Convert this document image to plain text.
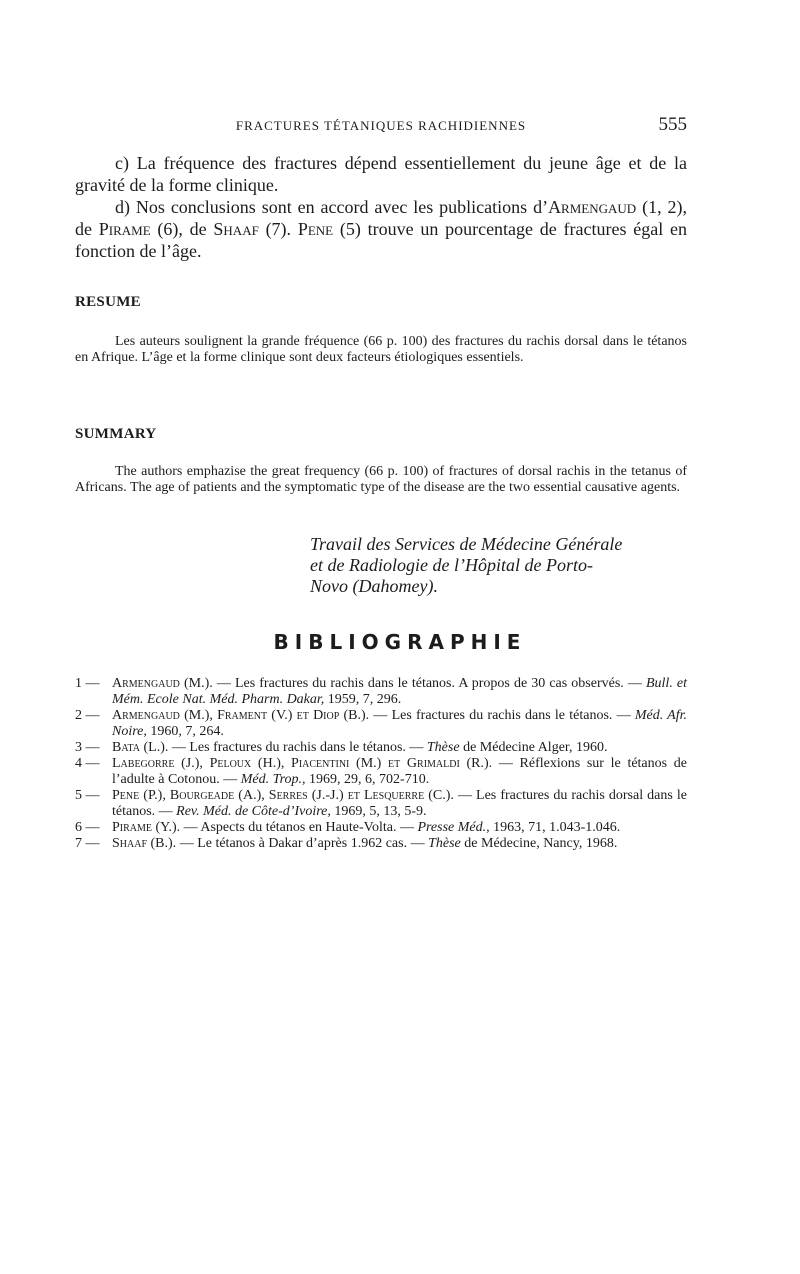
FRACTURES TÉTANIQUES RACHIDIENNES	555

c) La fréquence des fractures dépend essentiellement du jeune âge et de la gravité de la forme clinique.

d) Nos conclusions sont en accord avec les publications d’Armengaud (1, 2), de Pirame (6), de Shaaf (7). Pene (5) trouve un pourcentage de fractures égal en fonction de l’âge.

RESUME

Les auteurs soulignent la grande fréquence (66 p. 100) des fractures du rachis dorsal dans le tétanos en Afrique. L’âge et la forme clinique sont deux facteurs étiologiques essentiels.

SUMMARY

The authors emphazise the great frequency (66 p. 100) of fractures of dorsal rachis in the tetanus of Africans. The age of patients and the symptomatic type of the disease are the two essential causative agents.

Travail des Services de Médecine Générale
et de Radiologie de l’Hôpital de Porto-
Novo (Dahomey).

BIBLIOGRAPHIE
1 — Armengaud (M.). — Les fractures du rachis dans le tétanos. A propos de 30 cas observés. — Bull. et Mém. Ecole Nat. Méd. Pharm. Dakar, 1959, 7, 296.
2 — Armengaud (M.), Frament (V.) et Diop (B.). — Les fractures du rachis dans le tétanos. — Méd. Afr. Noire, 1960, 7, 264.
3 — Bata (L.). — Les fractures du rachis dans le tétanos. — Thèse de Médecine Alger, 1960.
4 — Labegorre (J.), Peloux (H.), Piacentini (M.) et Grimaldi (R.). — Réflexions sur le tétanos de l’adulte à Cotonou. — Méd. Trop., 1969, 29, 6, 702-710.
5 — Pene (P.), Bourgeade (A.), Serres (J.-J.) et Lesquerre (C.). — Les fractures du rachis dorsal dans le tétanos. — Rev. Méd. de Côte-d’Ivoire, 1969, 5, 13, 5-9.
6 — Pirame (Y.). — Aspects du tétanos en Haute-Volta. — Presse Méd., 1963, 71, 1.043-1.046.
7 — Shaaf (B.). — Le tétanos à Dakar d’après 1.962 cas. — Thèse de Médecine, Nancy, 1968.
